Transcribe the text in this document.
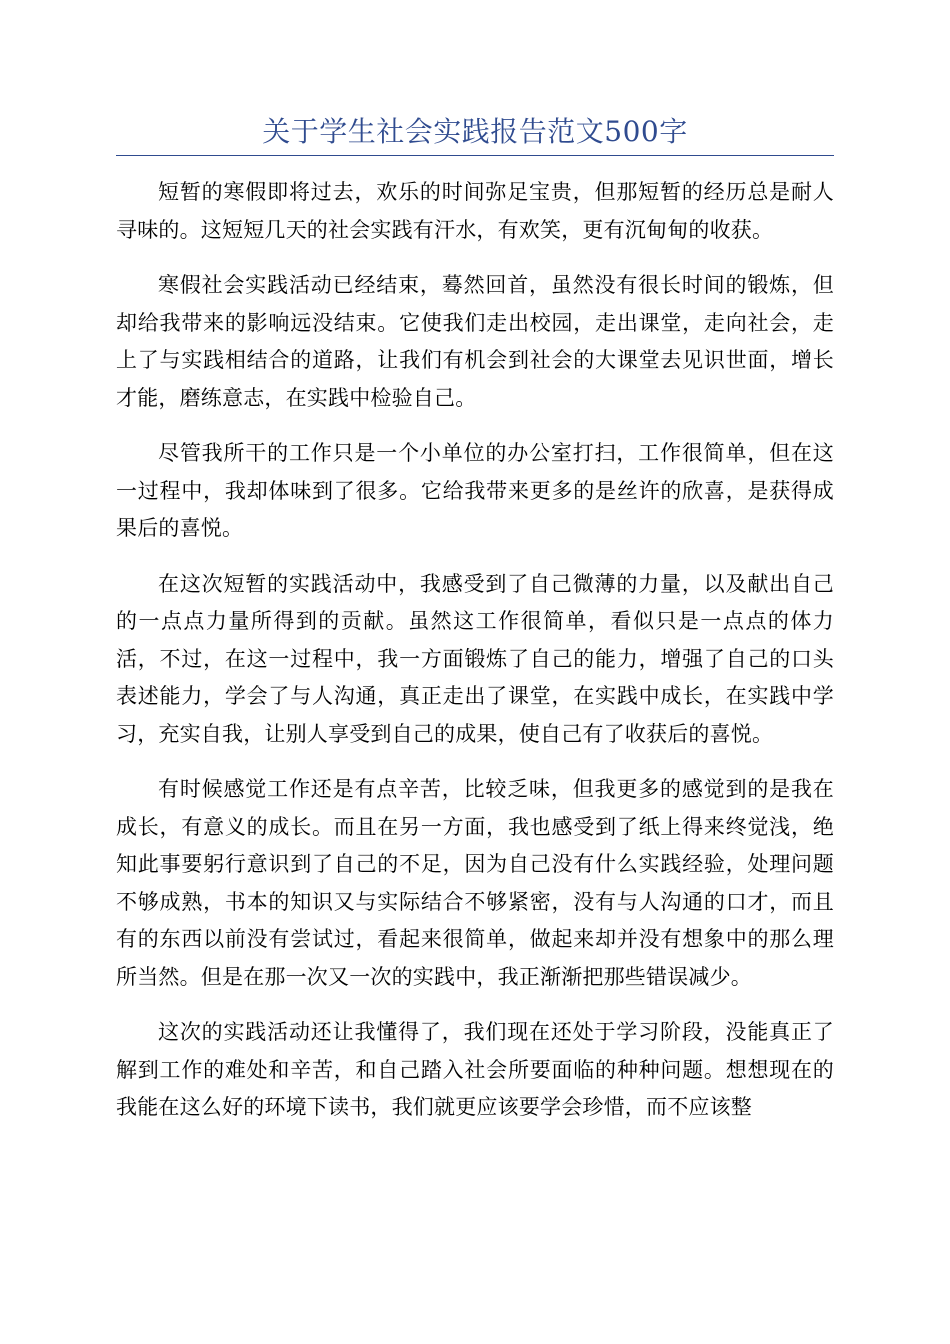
关于学生社会实践报告范文500字

短暂的寒假即将过去，欢乐的时间弥足宝贵，但那短暂的经历总是耐人寻味的。这短短几天的社会实践有汗水，有欢笑，更有沉甸甸的收获。

寒假社会实践活动已经结束，蓦然回首，虽然没有很长时间的锻炼，但却给我带来的影响远没结束。它使我们走出校园，走出课堂，走向社会，走上了与实践相结合的道路，让我们有机会到社会的大课堂去见识世面，增长才能，磨练意志，在实践中检验自己。

尽管我所干的工作只是一个小单位的办公室打扫，工作很简单，但在这一过程中，我却体味到了很多。它给我带来更多的是丝许的欣喜，是获得成果后的喜悦。

在这次短暂的实践活动中，我感受到了自己微薄的力量，以及献出自己的一点点力量所得到的贡献。虽然这工作很简单，看似只是一点点的体力活，不过，在这一过程中，我一方面锻炼了自己的能力，增强了自己的口头表述能力，学会了与人沟通，真正走出了课堂，在实践中成长，在实践中学习，充实自我，让别人享受到自己的成果，使自己有了收获后的喜悦。

有时候感觉工作还是有点辛苦，比较乏味，但我更多的感觉到的是我在成长，有意义的成长。而且在另一方面，我也感受到了纸上得来终觉浅，绝知此事要躬行意识到了自己的不足，因为自己没有什么实践经验，处理问题不够成熟，书本的知识又与实际结合不够紧密，没有与人沟通的口才，而且有的东西以前没有尝试过，看起来很简单，做起来却并没有想象中的那么理所当然。但是在那一次又一次的实践中，我正渐渐把那些错误减少。

这次的实践活动还让我懂得了，我们现在还处于学习阶段，没能真正了解到工作的难处和辛苦，和自己踏入社会所要面临的种种问题。想想现在的我能在这么好的环境下读书，我们就更应该要学会珍惜，而不应该整
